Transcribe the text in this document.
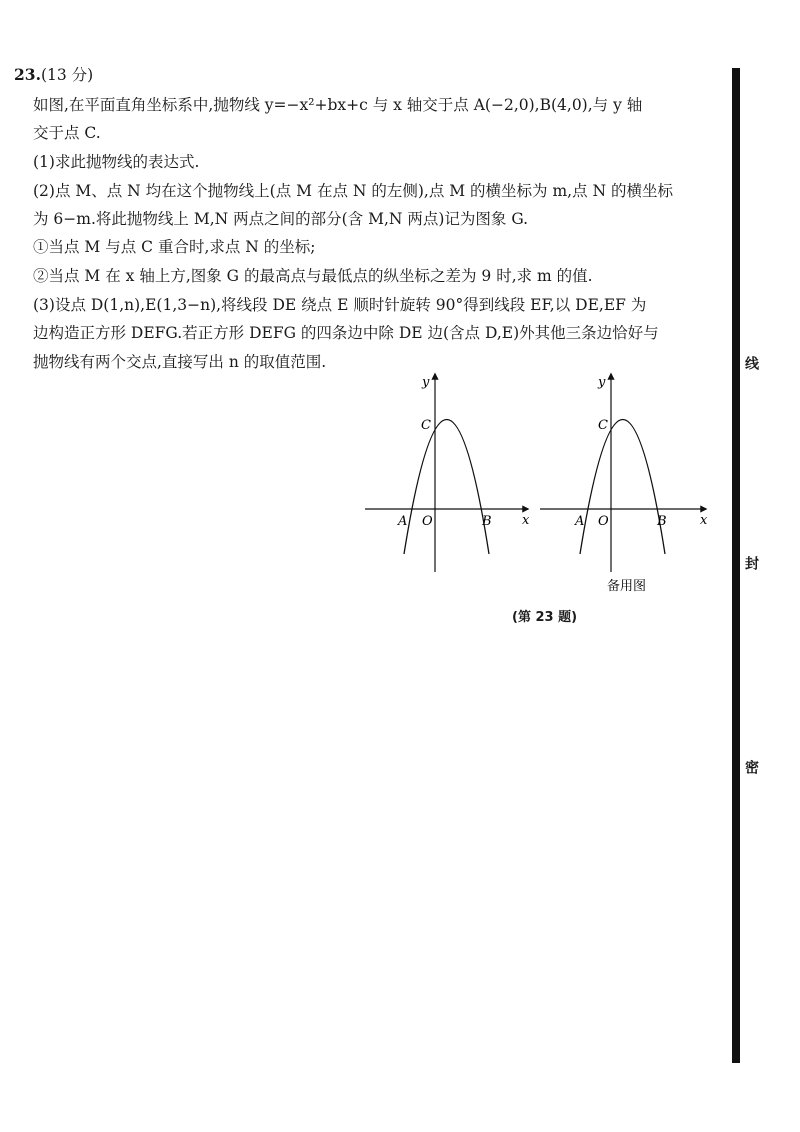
23.(13 分)
如图,在平面直角坐标系中,抛物线 y=−x²+bx+c 与 x 轴交于点 A(−2,0),B(4,0),与 y 轴
交于点 C.
(1)求此抛物线的表达式.
(2)点 M、点 N 均在这个抛物线上(点 M 在点 N 的左侧),点 M 的横坐标为 m,点 N 的横坐标
为 6−m.将此抛物线上 M,N 两点之间的部分(含 M,N 两点)记为图象 G.
①当点 M 与点 C 重合时,求点 N 的坐标;
②当点 M 在 x 轴上方,图象 G 的最高点与最低点的纵坐标之差为 9 时,求 m 的值.
(3)设点 D(1,n),E(1,3−n),将线段 DE 绕点 E 顺时针旋转 90°得到线段 EF,以 DE,EF 为
边构造正方形 DEFG.若正方形 DEFG 的四条边中除 DE 边(含点 D,E)外其他三条边恰好与
抛物线有两个交点,直接写出 n 的取值范围.
y
x
C
A O	B
y
x
C
A O	B
备用图
(第 23 题)
线
封
密
